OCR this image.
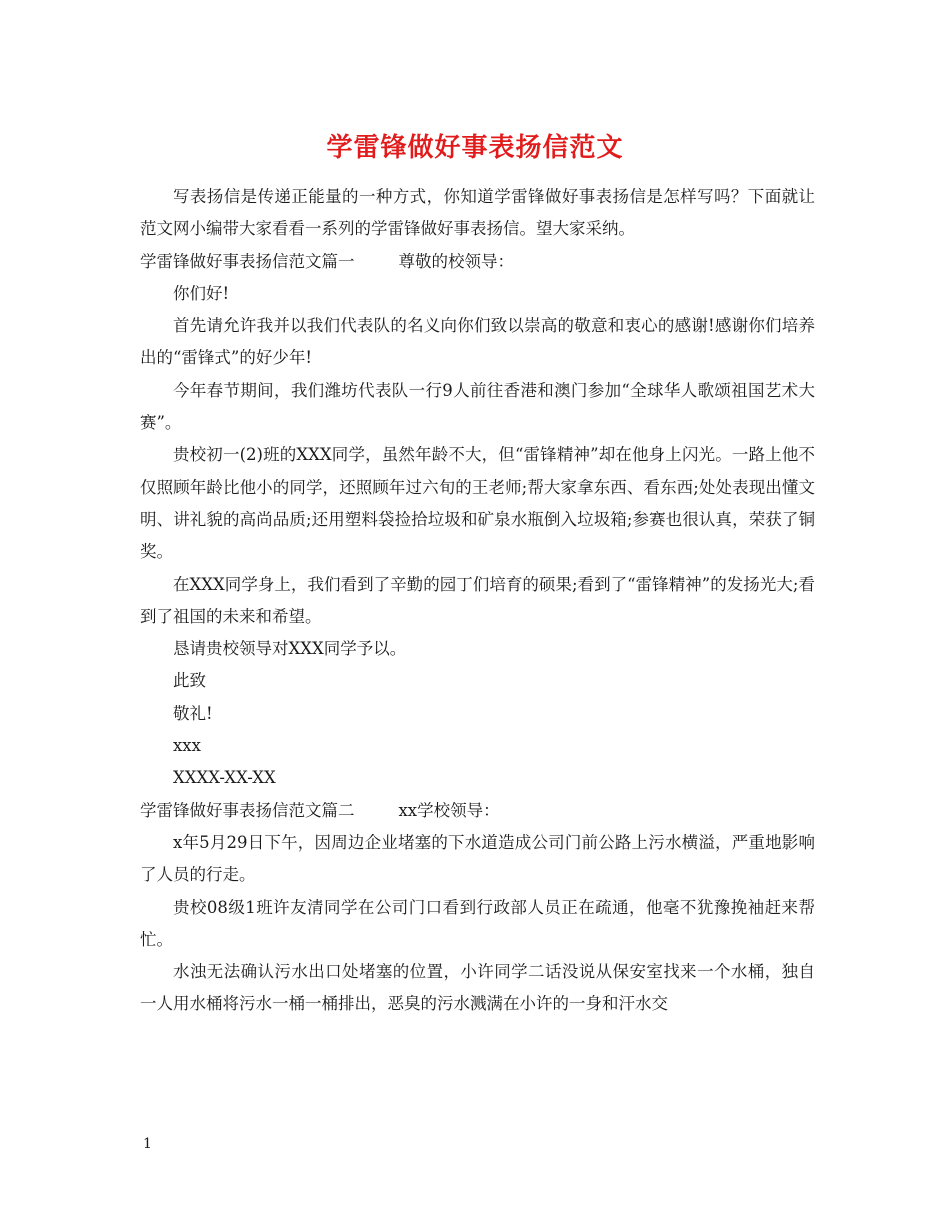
学雷锋做好事表扬信范文

写表扬信是传递正能量的一种方式，你知道学雷锋做好事表扬信是怎样写吗？下面就让范文网小编带大家看看一系列的学雷锋做好事表扬信。望大家采纳。

学雷锋做好事表扬信范文篇一	尊敬的校领导：

你们好!

首先请允许我并以我们代表队的名义向你们致以崇高的敬意和衷心的感谢!感谢你们培养出的“雷锋式”的好少年!

今年春节期间，我们潍坊代表队一行9人前往香港和澳门参加“全球华人歌颂祖国艺术大赛”。

贵校初一(2)班的XXX同学，虽然年龄不大，但“雷锋精神”却在他身上闪光。一路上他不仅照顾年龄比他小的同学，还照顾年过六旬的王老师;帮大家拿东西、看东西;处处表现出懂文明、讲礼貌的高尚品质;还用塑料袋捡拾垃圾和矿泉水瓶倒入垃圾箱;参赛也很认真，荣获了铜奖。

在XXX同学身上，我们看到了辛勤的园丁们培育的硕果;看到了“雷锋精神”的发扬光大;看到了祖国的未来和希望。

恳请贵校领导对XXX同学予以。

此致

敬礼!

xxx

XXXX-XX-XX

学雷锋做好事表扬信范文篇二	xx学校领导：

x年5月29日下午，因周边企业堵塞的下水道造成公司门前公路上污水横溢，严重地影响了人员的行走。

贵校08级1班许友清同学在公司门口看到行政部人员正在疏通，他毫不犹豫挽袖赶来帮忙。

水浊无法确认污水出口处堵塞的位置，小许同学二话没说从保安室找来一个水桶，独自一人用水桶将污水一桶一桶排出，恶臭的污水溅满在小许的一身和汗水交

1
